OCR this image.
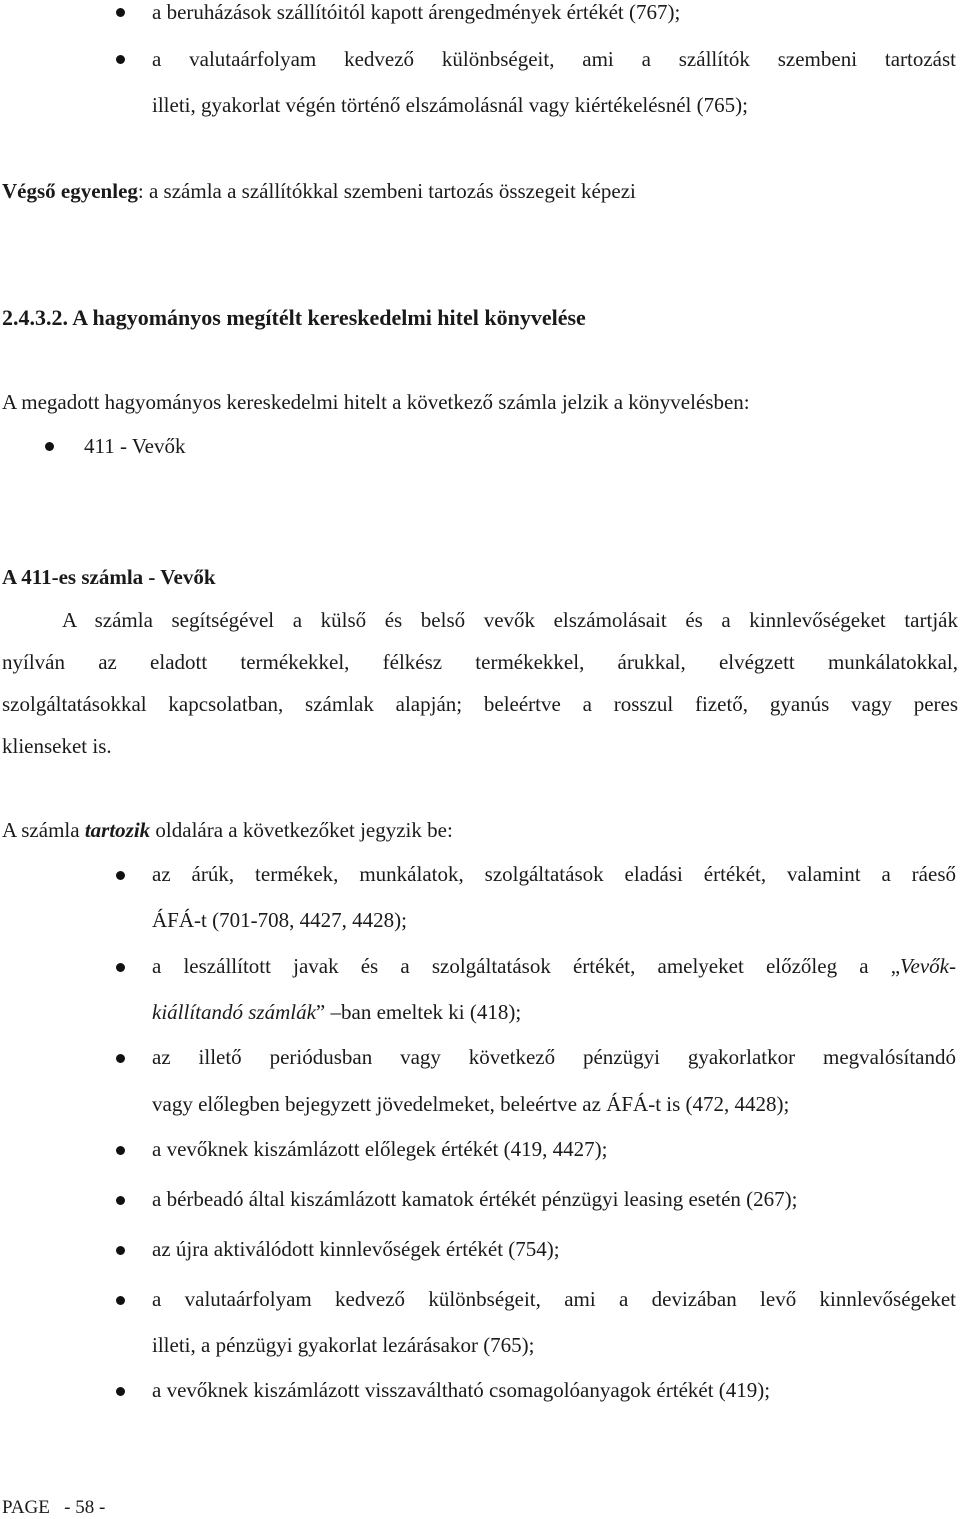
a beruházások szállítóitól kapott árengedmények értékét (767);
a valutaárfolyam kedvező különbségeit, ami a szállítók szembeni tartozást
illeti, gyakorlat végén történő elszámolásnál vagy kiértékelésnél (765);
Végső egyenleg: a számla a szállítókkal szembeni tartozás összegeit képezi
2.4.3.2. A hagyományos megítélt kereskedelmi hitel könyvelése
A megadott hagyományos kereskedelmi hitelt a következő számla jelzik a könyvelésben:
411 - Vevők
A 411-es számla - Vevők
A számla segítségével a külső és belső vevők elszámolásait és a kinnlevőségeket tartják
nyílván az eladott termékekkel, félkész termékekkel, árukkal, elvégzett munkálatokkal,
szolgáltatásokkal kapcsolatban, számlak alapján; beleértve a rosszul fizető, gyanús vagy peres
klienseket is.
A számla tartozik oldalára a következőket jegyzik be:
az árúk, termékek, munkálatok, szolgáltatások eladási értékét, valamint a ráeső
ÁFÁ-t (701-708, 4427, 4428);
a leszállított javak és a szolgáltatások értékét, amelyeket előzőleg a „Vevők-
kiállítandó számlák” –ban emeltek ki (418);
az illető periódusban vagy következő pénzügyi gyakorlatkor megvalósítandó
vagy előlegben bejegyzett jövedelmeket, beleértve az ÁFÁ-t is (472, 4428);
a vevőknek kiszámlázott előlegek értékét (419, 4427);
a bérbeadó által kiszámlázott kamatok értékét pénzügyi leasing esetén (267);
az újra aktiválódott kinnlevőségek értékét (754);
a valutaárfolyam kedvező különbségeit, ami a devizában levő kinnlevőségeket
illeti, a pénzügyi gyakorlat lezárásakor (765);
a vevőknek kiszámlázott visszaváltható csomagolóanyagok értékét (419);
PAGE   - 58 -
